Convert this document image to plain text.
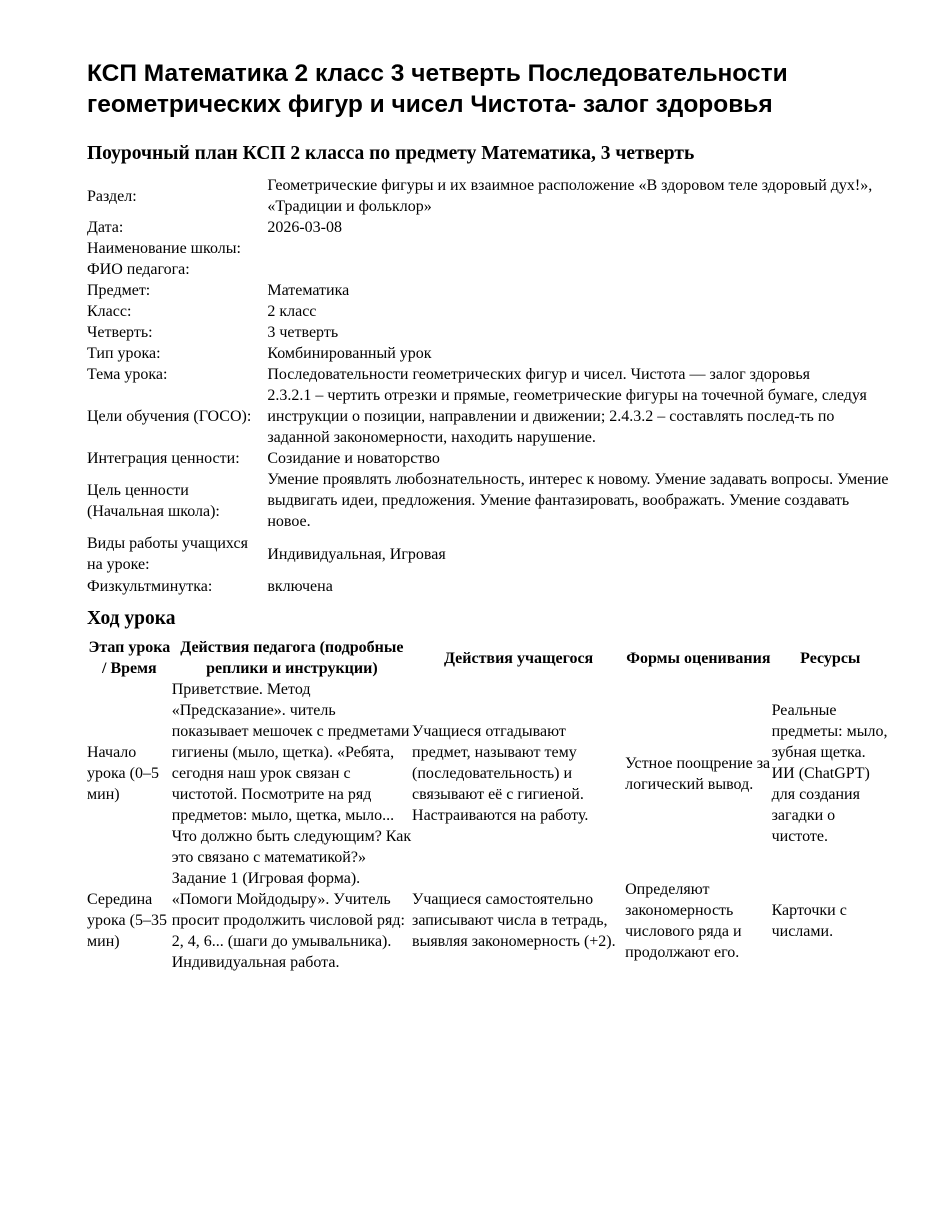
КСП Математика 2 класс 3 четверть Последовательности геометрических фигур и чисел Чистота- залог здоровья
Поурочный план КСП 2 класса по предмету Математика, 3 четверть
Раздел:	Геометрические фигуры и их взаимное расположение «В здоровом теле здоровый дух!», «Традиции и фольклор»
Дата:	2026-03-08
Наименование школы:	
ФИО педагога:	
Предмет:	Математика
Класс:	2 класс
Четверть:	3 четверть
Тип урока:	Комбинированный урок
Тема урока:	Последовательности геометрических фигур и чисел. Чистота — залог здоровья
Цели обучения (ГОСО):	2.3.2.1 – чертить отрезки и прямые, геометрические фигуры на точечной бумаге, следуя инструкции о позиции, направлении и движении; 2.4.3.2 – составлять послед-ть по заданной закономерности, находить нарушение.
Интеграция ценности:	Созидание и новаторство
Цель ценности (Начальная школа):	Умение проявлять любознательность, интерес к новому. Умение задавать вопросы. Умение выдвигать идеи, предложения. Умение фантазировать, воображать. Умение создавать новое.
Виды работы учащихся на уроке:	Индивидуальная, Игровая
Физкультминутка:	включена
Ход урока
Этап урока / Время	Действия педагога (подробные реплики и инструкции)	Действия учащегося	Формы оценивания	Ресурсы
Начало урока (0–5 мин)	Приветствие. Метод «Предсказание». читель показывает мешочек с предметами гигиены (мыло, щетка). «Ребята, сегодня наш урок связан с чистотой. Посмотрите на ряд предметов: мыло, щетка, мыло... Что должно быть следующим? Как это связано с математикой?»	Учащиеся отгадывают предмет, называют тему (последовательность) и связывают её с гигиеной. Настраиваются на работу.	Устное поощрение за логический вывод.	Реальные предметы: мыло, зубная щетка. ИИ (ChatGPT) для создания загадки о чистоте.
Середина урока (5–35 мин)	Задание 1 (Игровая форма). «Помоги Мойдодыру». Учитель просит продолжить числовой ряд: 2, 4, 6... (шаги до умывальника). Индивидуальная работа.	Учащиеся самостоятельно записывают числа в тетрадь, выявляя закономерность (+2).	Определяют закономерность числового ряда и продолжают его.	Карточки с числами.
